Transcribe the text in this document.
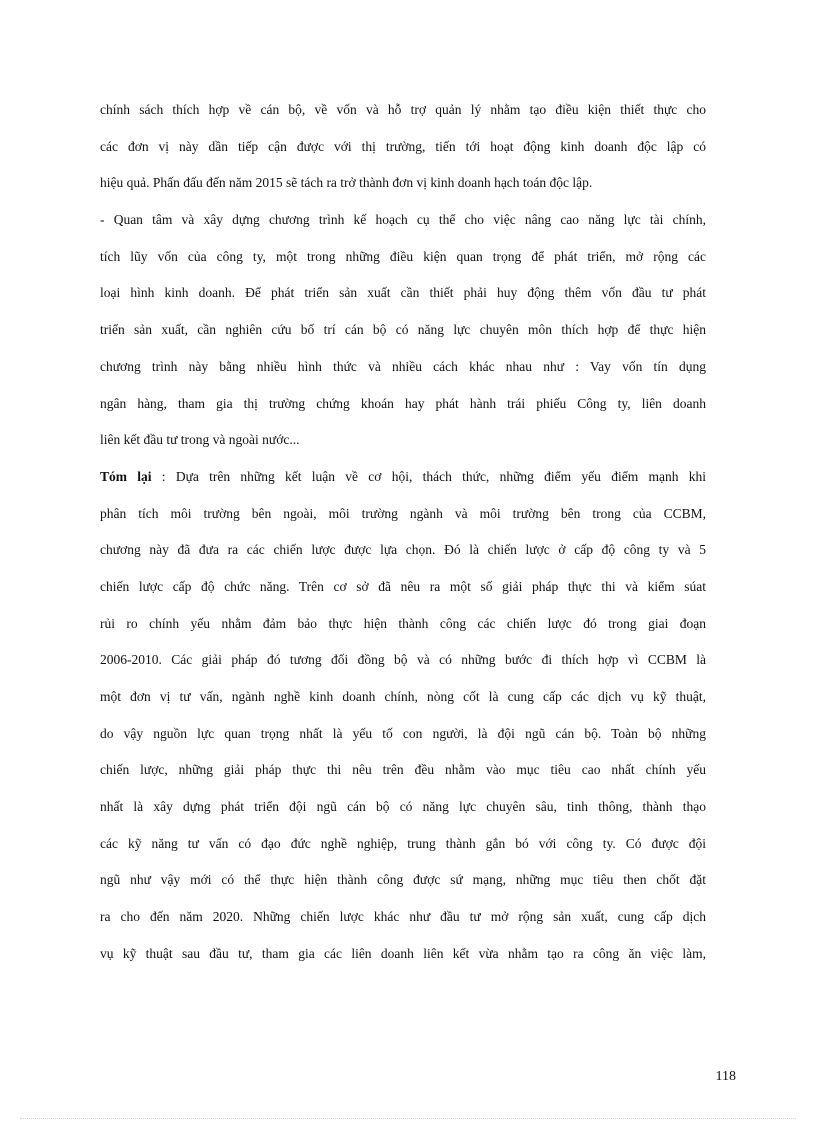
chính sách thích hợp về cán bộ, về vốn và hỗ trợ quản lý nhằm tạo điều kiện thiết thực cho
các đơn vị này dần tiếp cận được với thị trường, tiến tới hoạt động kinh doanh độc lập có
hiệu quả. Phấn đấu đến năm 2015 sẽ tách ra trở thành đơn vị kinh doanh hạch toán độc lập.
- Quan tâm và xây dựng chương trình kế hoạch cụ thể cho việc nâng cao năng lực tài chính,
tích lũy vốn của công ty, một trong những điều kiện quan trọng để phát triển, mở rộng các
loại hình kinh doanh. Để phát triển sản xuất cần thiết phải huy động thêm vốn đầu tư phát
triển sản xuất, cần nghiên cứu bố trí cán bộ có năng lực chuyên môn thích hợp để thực hiện
chương trình này bằng nhiều hình thức và nhiều cách khác nhau như : Vay vốn tín dụng
ngân hàng, tham gia thị trường chứng khoán hay phát hành trái phiếu Công ty, liên doanh
liên kết đầu tư trong và ngoài nước...
Tóm lại : Dựa trên những kết luận về cơ hội, thách thức, những điểm yếu điểm mạnh khi
phân tích môi trường bên ngoài, môi trường ngành và môi trường bên trong của CCBM,
chương này đã đưa ra các chiến lược được lựa chọn. Đó là chiến lược ở cấp độ công ty và 5
chiến lược cấp độ chức năng. Trên cơ sở đã nêu ra một số giải pháp thực thi và kiểm súat
rủi ro chính yếu nhằm đảm bảo thực hiện thành công các chiến lược đó trong giai đoạn
2006-2010. Các giải pháp đó tương đối đồng bộ và có những bước đi thích hợp vì CCBM là
một đơn vị tư vấn, ngành nghề kinh doanh chính, nòng cốt là cung cấp các dịch vụ kỹ thuật,
do vậy nguồn lực quan trọng nhất là yếu tố con người, là đội ngũ cán bộ. Toàn bộ những
chiến lược, những giải pháp thực thi nêu trên đều nhằm vào mục tiêu cao nhất chính yếu
nhất là xây dựng phát triển đội ngũ cán bộ có năng lực chuyên sâu, tinh thông, thành thạo
các kỹ năng tư vấn có đạo đức nghề nghiệp, trung thành gắn bó với công ty. Có được đội
ngũ như vậy mới có thể thực hiện thành công được sứ mạng, những mục tiêu then chốt đặt
ra cho đến năm 2020. Những chiến lược khác như đầu tư mở rộng sản xuất, cung cấp dịch
vụ kỹ thuật sau đầu tư, tham gia các liên doanh liên kết vừa nhằm tạo ra công ăn việc làm,
118
